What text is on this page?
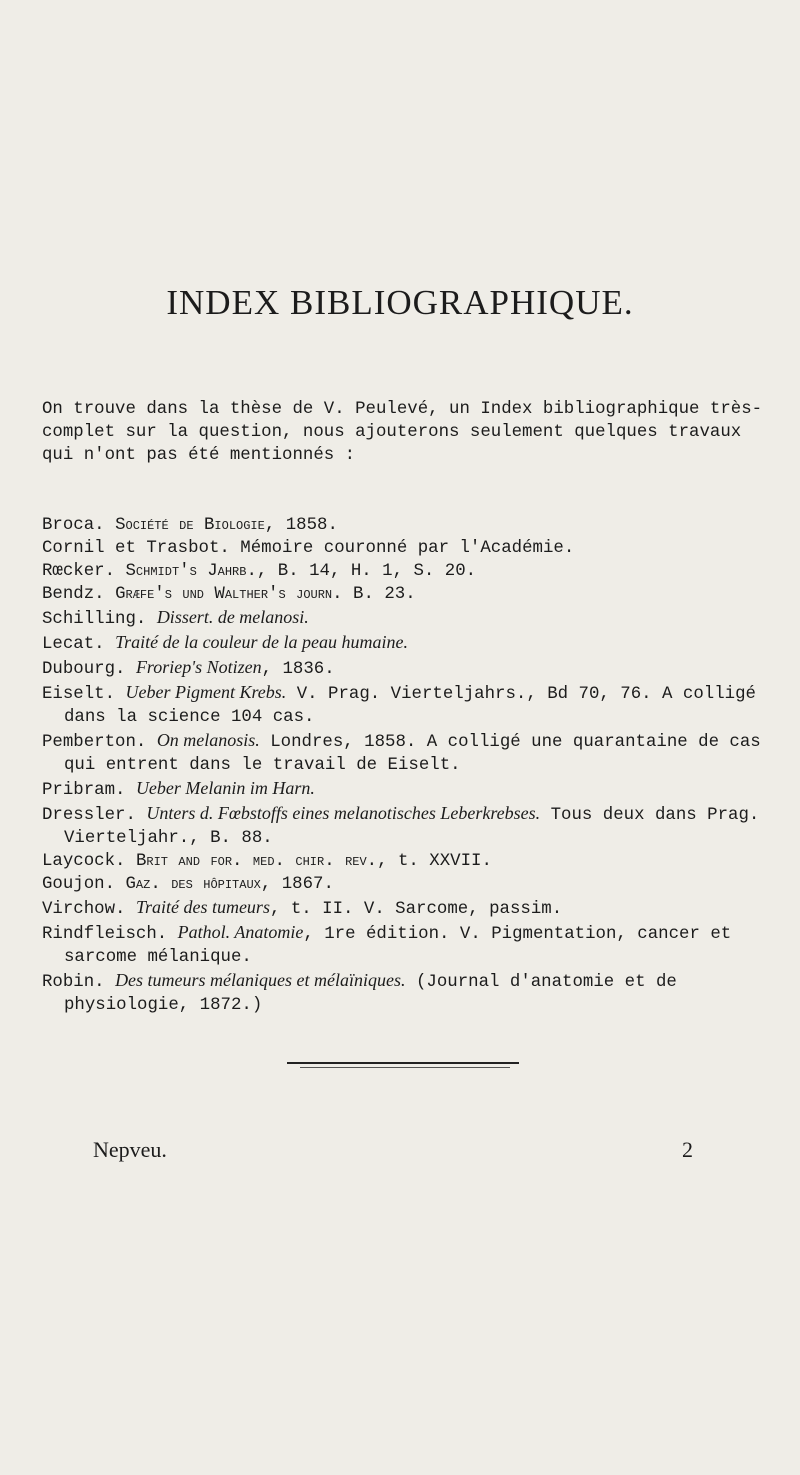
INDEX BIBLIOGRAPHIQUE.
On trouve dans la thèse de V. Peulevé, un Index bibliographique très-complet sur la question, nous ajouterons seulement quelques travaux qui n'ont pas été mentionnés :
Broca. Société de Biologie, 1858.
Cornil et Trasbot. Mémoire couronné par l'Académie.
Rœcker. Schmidt's Jahrb., B. 14, H. 1, S. 20.
Bendz. Græfe's und Walther's journ. B. 23.
Schilling. Dissert. de melanosi.
Lecat. Traité de la couleur de la peau humaine.
Dubourg. Froriep's Notizen, 1836.
Eiselt. Ueber Pigment Krebs. V. Prag. Vierteljahrs., Bd 70, 76. A colligé dans la science 104 cas.
Pemberton. On melanosis. Londres, 1858. A colligé une quarantaine de cas qui entrent dans le travail de Eiselt.
Pribram. Ueber Melanin im Harn.
Dressler. Unters d. Fœbstoffs eines melanotisches Leberkrebses. Tous deux dans Prag. Vierteljahr., B. 88.
Laycock. Brit and for. med. chir. rev., t. XXVII.
Goujon. Gaz. des hôpitaux, 1867.
Virchow. Traité des tumeurs, t. II. V. Sarcome, passim.
Rindfleisch. Pathol. Anatomie, 1re édition. V. Pigmentation, cancer et sarcome mélanique.
Robin. Des tumeurs mélaniques et mélaïniques. (Journal d'anatomie et de physiologie, 1872.)
Nepveu.	2
